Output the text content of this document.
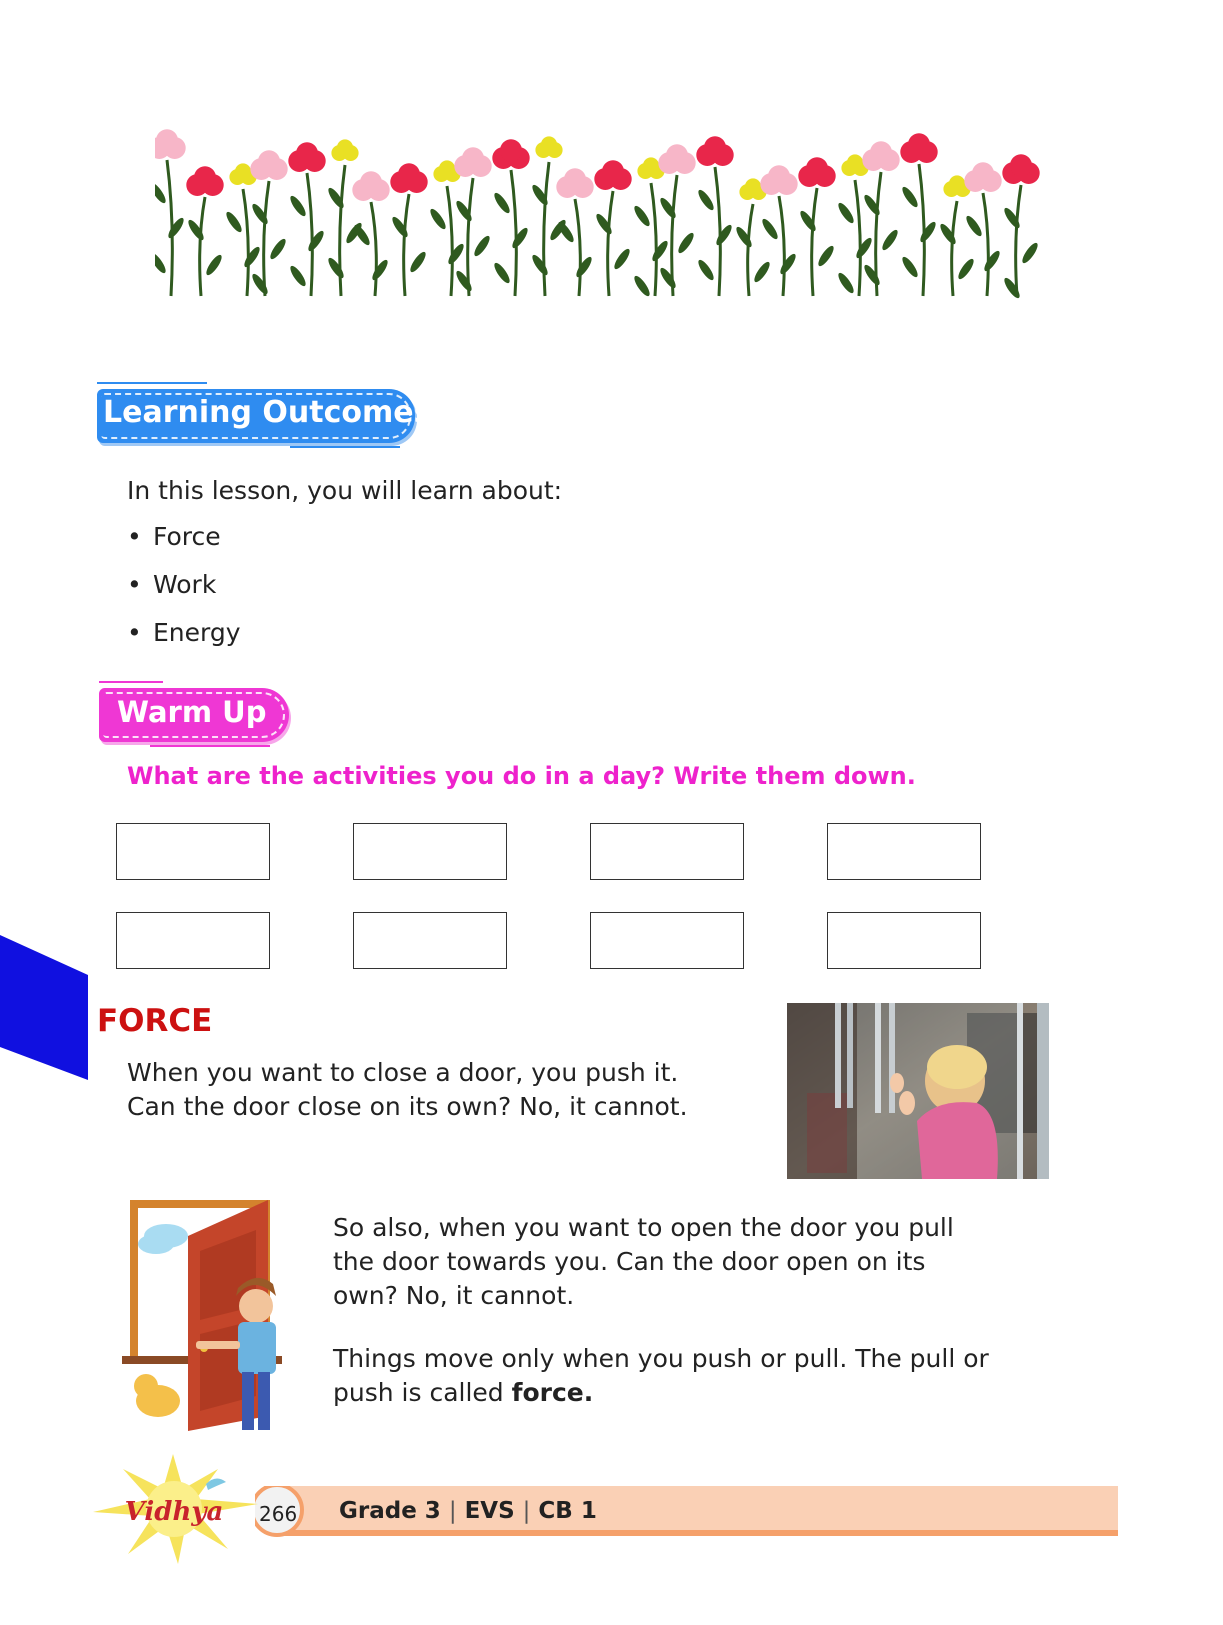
Learning Outcomes
In this lesson, you will learn about:
• Force
• Work
• Energy
Warm Up
What are the activities you do in a day? Write them down.
FORCE
When you want to close a door, you push it.
Can the door close on its own? No, it cannot.
So also, when you want to open the door you pull
the door towards you. Can the door open on its
own? No, it cannot.
Things move only when you push or pull. The pull or
push is called force.
266 Grade 3 | EVS | CB 1
Vidhya
